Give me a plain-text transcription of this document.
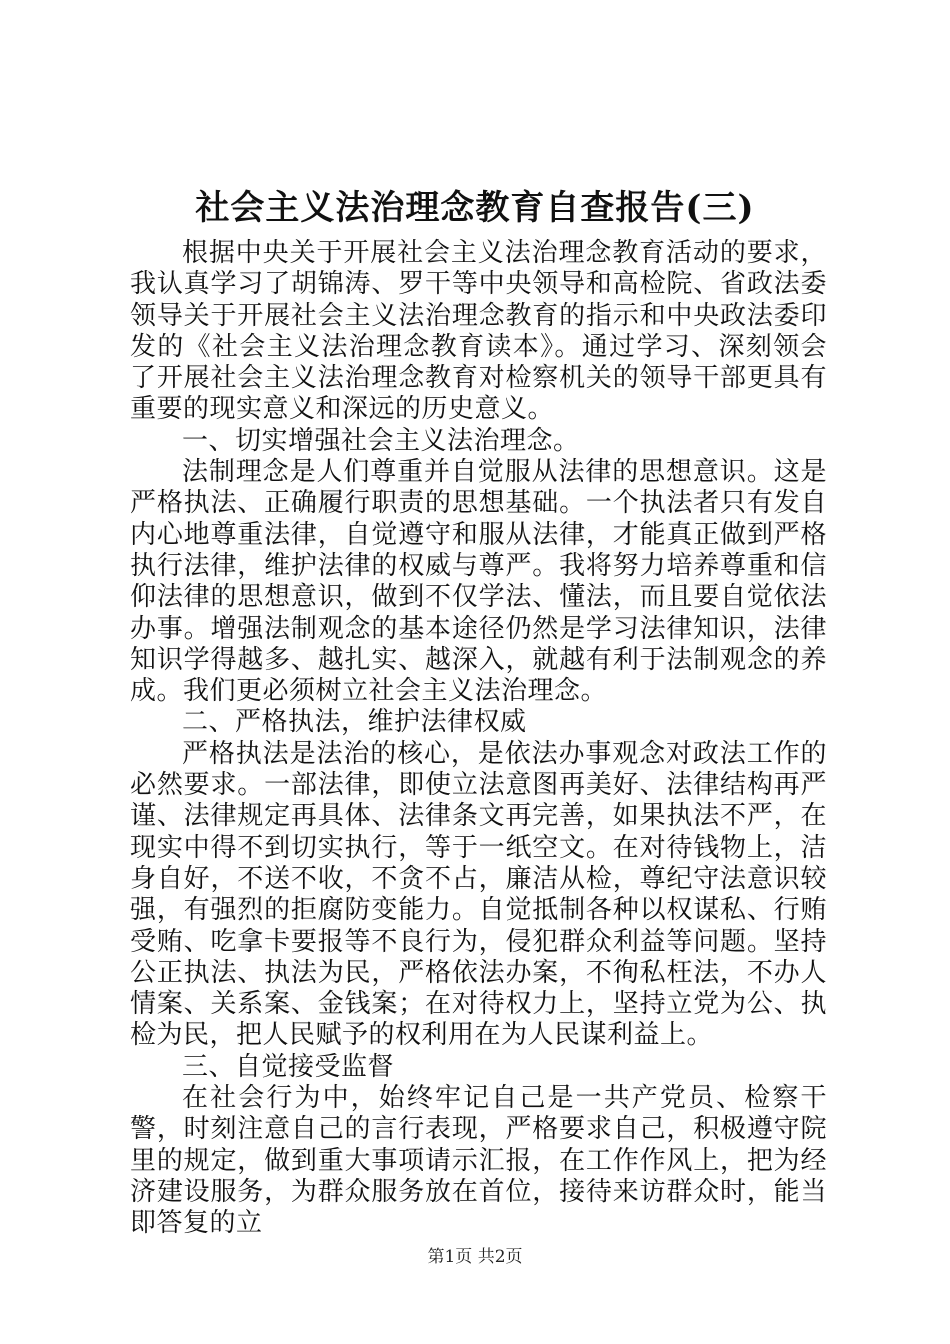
社会主义法治理念教育自查报告(三)

根据中央关于开展社会主义法治理念教育活动的要求，我认真学习了胡锦涛、罗干等中央领导和高检院、省政法委领导关于开展社会主义法治理念教育的指示和中央政法委印发的《社会主义法治理念教育读本》。通过学习、深刻领会了开展社会主义法治理念教育对检察机关的领导干部更具有重要的现实意义和深远的历史意义。

一、切实增强社会主义法治理念。

法制理念是人们尊重并自觉服从法律的思想意识。这是严格执法、正确履行职责的思想基础。一个执法者只有发自内心地尊重法律，自觉遵守和服从法律，才能真正做到严格执行法律，维护法律的权威与尊严。我将努力培养尊重和信仰法律的思想意识，做到不仅学法、懂法，而且要自觉依法办事。增强法制观念的基本途径仍然是学习法律知识，法律知识学得越多、越扎实、越深入，就越有利于法制观念的养成。我们更必须树立社会主义法治理念。

二、严格执法，维护法律权威

严格执法是法治的核心，是依法办事观念对政法工作的必然要求。一部法律，即使立法意图再美好、法律结构再严谨、法律规定再具体、法律条文再完善，如果执法不严，在现实中得不到切实执行，等于一纸空文。在对待钱物上，洁身自好，不送不收，不贪不占，廉洁从检，尊纪守法意识较强，有强烈的拒腐防变能力。自觉抵制各种以权谋私、行贿受贿、吃拿卡要报等不良行为，侵犯群众利益等问题。坚持公正执法、执法为民，严格依法办案，不徇私枉法，不办人情案、关系案、金钱案；在对待权力上，坚持立党为公、执检为民，把人民赋予的权利用在为人民谋利益上。

三、自觉接受监督

在社会行为中，始终牢记自己是一共产党员、检察干警，时刻注意自己的言行表现，严格要求自己，积极遵守院里的规定，做到重大事项请示汇报，在工作作风上，把为经济建设服务，为群众服务放在首位，接待来访群众时，能当即答复的立

第1页 共2页
